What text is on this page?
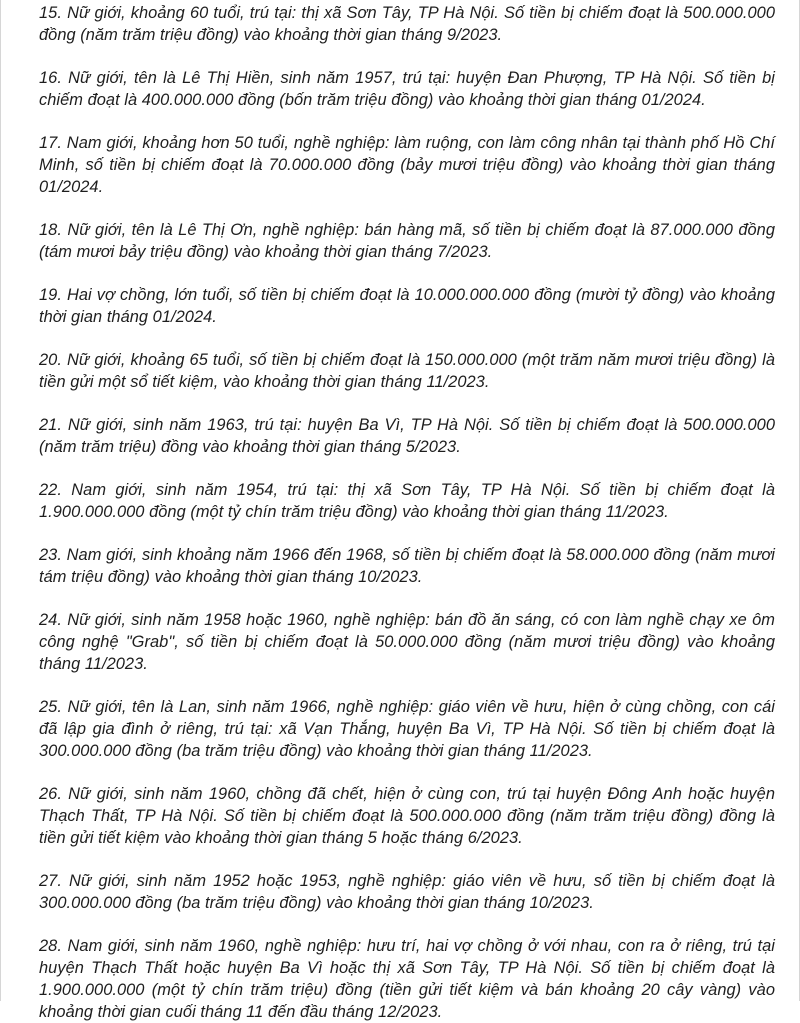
15. Nữ giới, khoảng 60 tuổi, trú tại: thị xã Sơn Tây, TP Hà Nội. Số tiền bị chiếm đoạt là 500.000.000 đồng (năm trăm triệu đồng) vào khoảng thời gian tháng 9/2023.

16. Nữ giới, tên là Lê Thị Hiền, sinh năm 1957, trú tại: huyện Đan Phượng, TP Hà Nội. Số tiền bị chiếm đoạt là 400.000.000 đồng (bốn trăm triệu đồng) vào khoảng thời gian tháng 01/2024.

17. Nam giới, khoảng hơn 50 tuổi, nghề nghiệp: làm ruộng, con làm công nhân tại thành phố Hồ Chí Minh, số tiền bị chiếm đoạt là 70.000.000 đồng (bảy mươi triệu đồng) vào khoảng thời gian tháng 01/2024.

18. Nữ giới, tên là Lê Thị Ơn, nghề nghiệp: bán hàng mã, số tiền bị chiếm đoạt là 87.000.000 đồng (tám mươi bảy triệu đồng) vào khoảng thời gian tháng 7/2023.

19. Hai vợ chồng, lớn tuổi, số tiền bị chiếm đoạt là 10.000.000.000 đồng (mười tỷ đồng) vào khoảng thời gian tháng 01/2024.

20. Nữ giới, khoảng 65 tuổi, số tiền bị chiếm đoạt là 150.000.000 (một trăm năm mươi triệu đồng) là tiền gửi một sổ tiết kiệm, vào khoảng thời gian tháng 11/2023.

21. Nữ giới, sinh năm 1963, trú tại: huyện Ba Vì, TP Hà Nội. Số tiền bị chiếm đoạt là 500.000.000 (năm trăm triệu) đồng vào khoảng thời gian tháng 5/2023.

22. Nam giới, sinh năm 1954, trú tại: thị xã Sơn Tây, TP Hà Nội. Số tiền bị chiếm đoạt là 1.900.000.000 đồng (một tỷ chín trăm triệu đồng) vào khoảng thời gian tháng 11/2023.

23. Nam giới, sinh khoảng năm 1966 đến 1968, số tiền bị chiếm đoạt là 58.000.000 đồng (năm mươi tám triệu đồng) vào khoảng thời gian tháng 10/2023.

24. Nữ giới, sinh năm 1958 hoặc 1960, nghề nghiệp: bán đồ ăn sáng, có con làm nghề chạy xe ôm công nghệ "Grab", số tiền bị chiếm đoạt là 50.000.000 đồng (năm mươi triệu đồng) vào khoảng tháng 11/2023.

25. Nữ giới, tên là Lan, sinh năm 1966, nghề nghiệp: giáo viên về hưu, hiện ở cùng chồng, con cái đã lập gia đình ở riêng, trú tại: xã Vạn Thắng, huyện Ba Vì, TP Hà Nội. Số tiền bị chiếm đoạt là 300.000.000 đồng (ba trăm triệu đồng) vào khoảng thời gian tháng 11/2023.

26. Nữ giới, sinh năm 1960, chồng đã chết, hiện ở cùng con, trú tại huyện Đông Anh hoặc huyện Thạch Thất, TP Hà Nội. Số tiền bị chiếm đoạt là 500.000.000 đồng (năm trăm triệu đồng) đồng là tiền gửi tiết kiệm vào khoảng thời gian tháng 5 hoặc tháng 6/2023.

27. Nữ giới, sinh năm 1952 hoặc 1953, nghề nghiệp: giáo viên về hưu, số tiền bị chiếm đoạt là 300.000.000 đồng (ba trăm triệu đồng) vào khoảng thời gian tháng 10/2023.

28. Nam giới, sinh năm 1960, nghề nghiệp: hưu trí, hai vợ chồng ở với nhau, con ra ở riêng, trú tại huyện Thạch Thất hoặc huyện Ba Vì hoặc thị xã Sơn Tây, TP Hà Nội. Số tiền bị chiếm đoạt là 1.900.000.000 (một tỷ chín trăm triệu) đồng (tiền gửi tiết kiệm và bán khoảng 20 cây vàng) vào khoảng thời gian cuối tháng 11 đến đầu tháng 12/2023.
